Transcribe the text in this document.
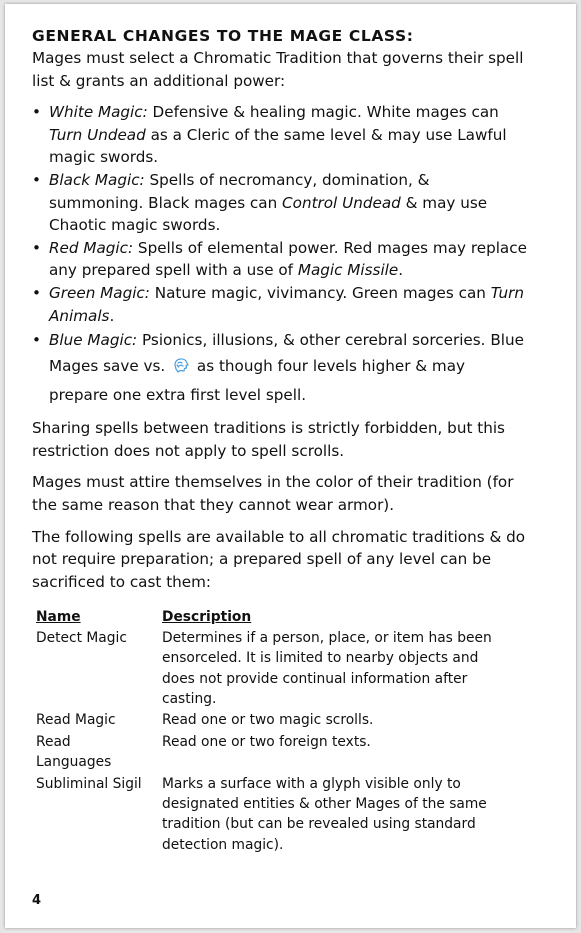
GENERAL CHANGES TO THE MAGE CLASS:

Mages must select a Chromatic Tradition that governs their spell list & grants an additional power:

• White Magic: Defensive & healing magic. White mages can Turn Undead as a Cleric of the same level & may use Lawful magic swords.
• Black Magic: Spells of necromancy, domination, & summoning. Black mages can Control Undead & may use Chaotic magic swords.
• Red Magic: Spells of elemental power. Red mages may replace any prepared spell with a use of Magic Missile.
• Green Magic: Nature magic, vivimancy. Green mages can Turn Animals.
• Blue Magic: Psionics, illusions, & other cerebral sorceries. Blue Mages save vs.  as though four levels higher & may prepare one extra first level spell.

Sharing spells between traditions is strictly forbidden, but this restriction does not apply to spell scrolls.

Mages must attire themselves in the color of their tradition (for the same reason that they cannot wear armor).

The following spells are available to all chromatic traditions & do not require preparation; a prepared spell of any level can be sacrificed to cast them:

Name	Description
Detect Magic	Determines if a person, place, or item has been ensorceled. It is limited to nearby objects and does not provide continual information after casting.
Read Magic	Read one or two magic scrolls.
Read Languages	Read one or two foreign texts.
Subliminal Sigil	Marks a surface with a glyph visible only to designated entities & other Mages of the same tradition (but can be revealed using standard detection magic).
4
